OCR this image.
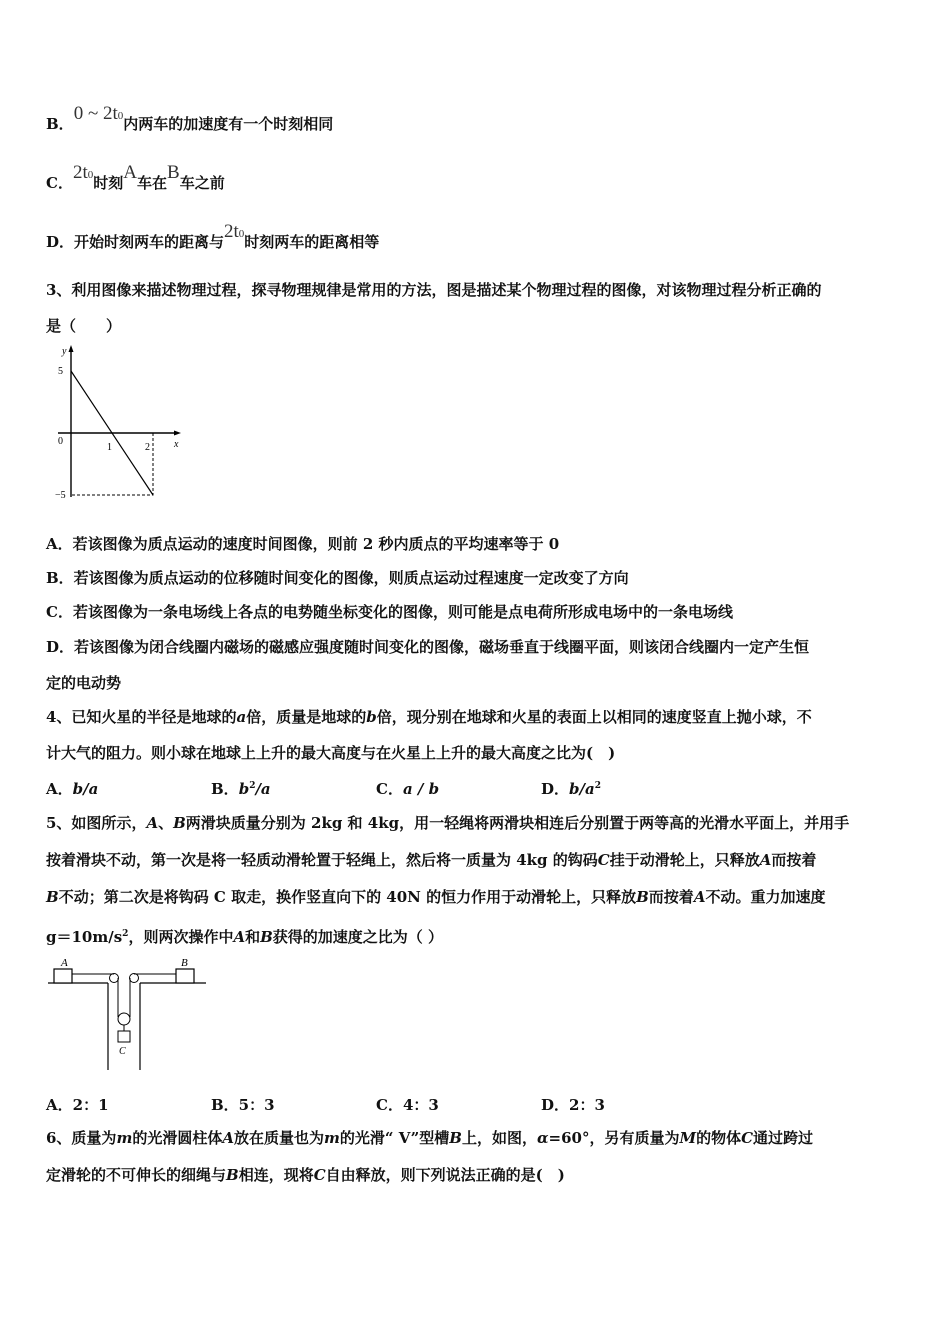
B．0 ~ 2t0内两车的加速度有一个时刻相同
C．2t0时刻A车在B车之前
D．开始时刻两车的距离与2t0时刻两车的距离相等
3、利用图像来描述物理过程，探寻物理规律是常用的方法，图是描述某个物理过程的图像，对该物理过程分析正确的
是（　　）
y
x
5
−5
0
1	2
A．若该图像为质点运动的速度时间图像，则前 2 秒内质点的平均速率等于 0
B．若该图像为质点运动的位移随时间变化的图像，则质点运动过程速度一定改变了方向
C．若该图像为一条电场线上各点的电势随坐标变化的图像，则可能是点电荷所形成电场中的一条电场线
D．若该图像为闭合线圈内磁场的磁感应强度随时间变化的图像，磁场垂直于线圈平面，则该闭合线圈内一定产生恒
定的电动势
4、已知火星的半径是地球的a倍，质量是地球的b倍，现分别在地球和火星的表面上以相同的速度竖直上抛小球，不
计大气的阻力。则小球在地球上上升的最大高度与在火星上上升的最大高度之比为(　)
A．b/a	B．$b^2/a$	C．a / b	D．$b/a^2$
5、如图所示，A、B两滑块质量分别为 2kg 和 4kg，用一轻绳将两滑块相连后分别置于两等高的光滑水平面上，并用手
按着滑块不动，第一次是将一轻质动滑轮置于轻绳上，然后将一质量为 4kg 的钩码C挂于动滑轮上，只释放A而按着
B不动；第二次是将钩码 C 取走，换作竖直向下的 40N 的恒力作用于动滑轮上，只释放B而按着A不动。重力加速度
$g=10m/s^2$，则两次操作中A和B获得的加速度之比为（ ）
A	B
C
A．2：1	B．5：3	C．4：3	D．2：3
6、质量为m的光滑圆柱体A放在质量也为m的光滑“ V”型槽B上，如图，α=60°，另有质量为M的物体C通过跨过
定滑轮的不可伸长的细绳与B相连，现将C自由释放，则下列说法正确的是(　)
